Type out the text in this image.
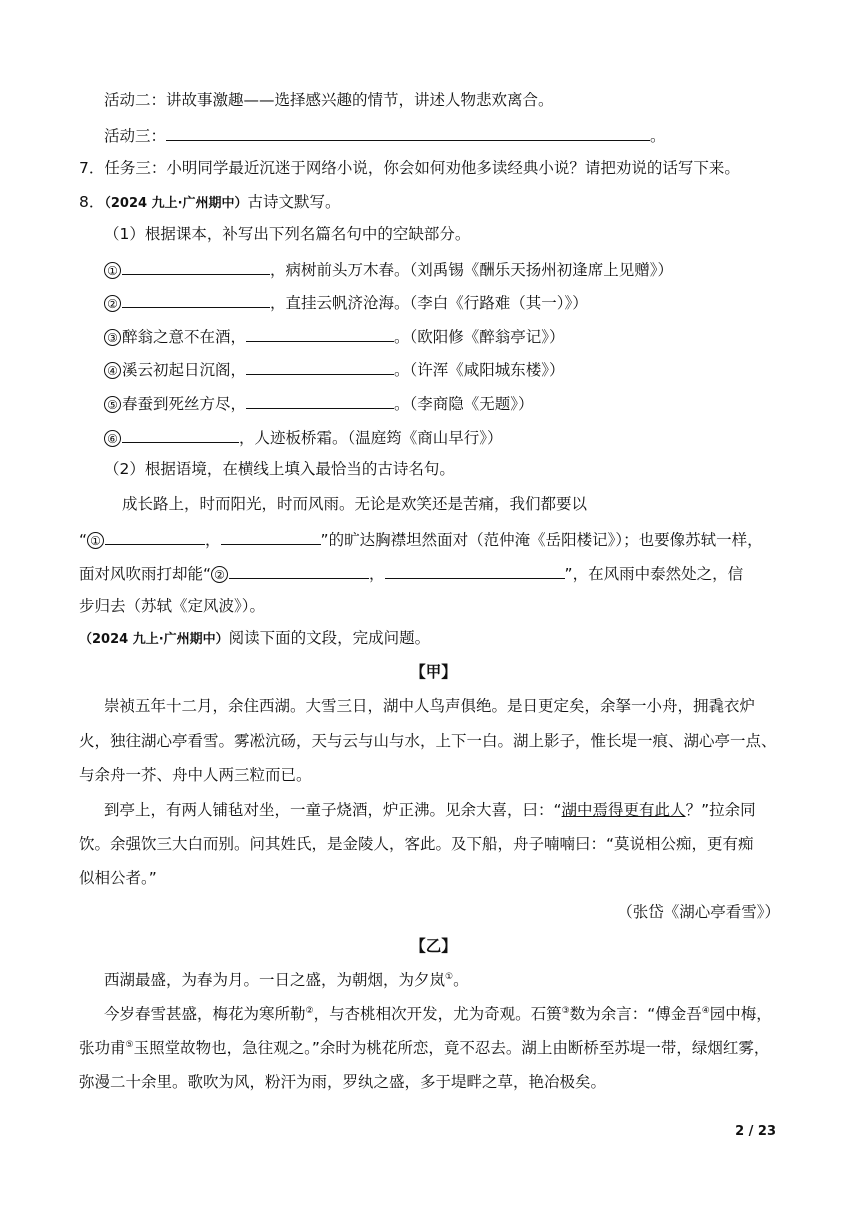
活动二：讲故事激趣——选择感兴趣的情节，讲述人物悲欢离合。
活动三：	。
7．任务三：小明同学最近沉迷于网络小说，你会如何劝他多读经典小说？请把劝说的话写下来。
8．（2024 九上·广州期中）古诗文默写。
（1）根据课本，补写出下列名篇名句中的空缺部分。
①	，病树前头万木春。（刘禹锡《酬乐天扬州初逢席上见赠》）
②	，直挂云帆济沧海。（李白《行路难（其一）》）
③ 醉翁之意不在酒，	。（欧阳修《醉翁亭记》）
④ 溪云初起日沉阁，	。（许浑《咸阳城东楼》）
⑤ 春蚕到死丝方尽，	。（李商隐《无题》）
⑥	，人迹板桥霜。（温庭筠《商山早行》）
（2）根据语境，在横线上填入最恰当的古诗名句。
成长路上，时而阳光，时而风雨。无论是欢笑还是苦痛，我们都要以
“ ①	，	”的旷达胸襟坦然面对（范仲淹《岳阳楼记》）；也要像苏轼一样，
面对风吹雨打却能“ ②	，	”，在风雨中泰然处之，信
步归去（苏轼《定风波》）。
（2024 九上·广州期中）阅读下面的文段，完成问题。
【甲】
崇祯五年十二月，余住西湖。大雪三日，湖中人鸟声俱绝。是日更定矣，余拏一小舟，拥毳衣炉
火，独往湖心亭看雪。雾凇沆砀，天与云与山与水，上下一白。湖上影子，惟长堤一痕、湖心亭一点、
与余舟一芥、舟中人两三粒而已。
到亭上，有两人铺毡对坐，一童子烧酒，炉正沸。见余大喜，曰：“湖中焉得更有此人？”拉余同
饮。余强饮三大白而别。问其姓氏，是金陵人，客此。及下船，舟子喃喃曰：“莫说相公痴，更有痴
似相公者。”
（张岱《湖心亭看雪》）
【乙】
西湖最盛，为春为月。一日之盛，为朝烟，为夕岚①。
今岁春雪甚盛，梅花为寒所勒②，与杏桃相次开发，尤为奇观。石篑③数为余言：“傅金吾④园中梅，
张功甫⑤玉照堂故物也，急往观之。”余时为桃花所恋，竟不忍去。湖上由断桥至苏堤一带，绿烟红雾，
弥漫二十余里。歌吹为风，粉汗为雨，罗纨之盛，多于堤畔之草，艳冶极矣。
2 / 23
